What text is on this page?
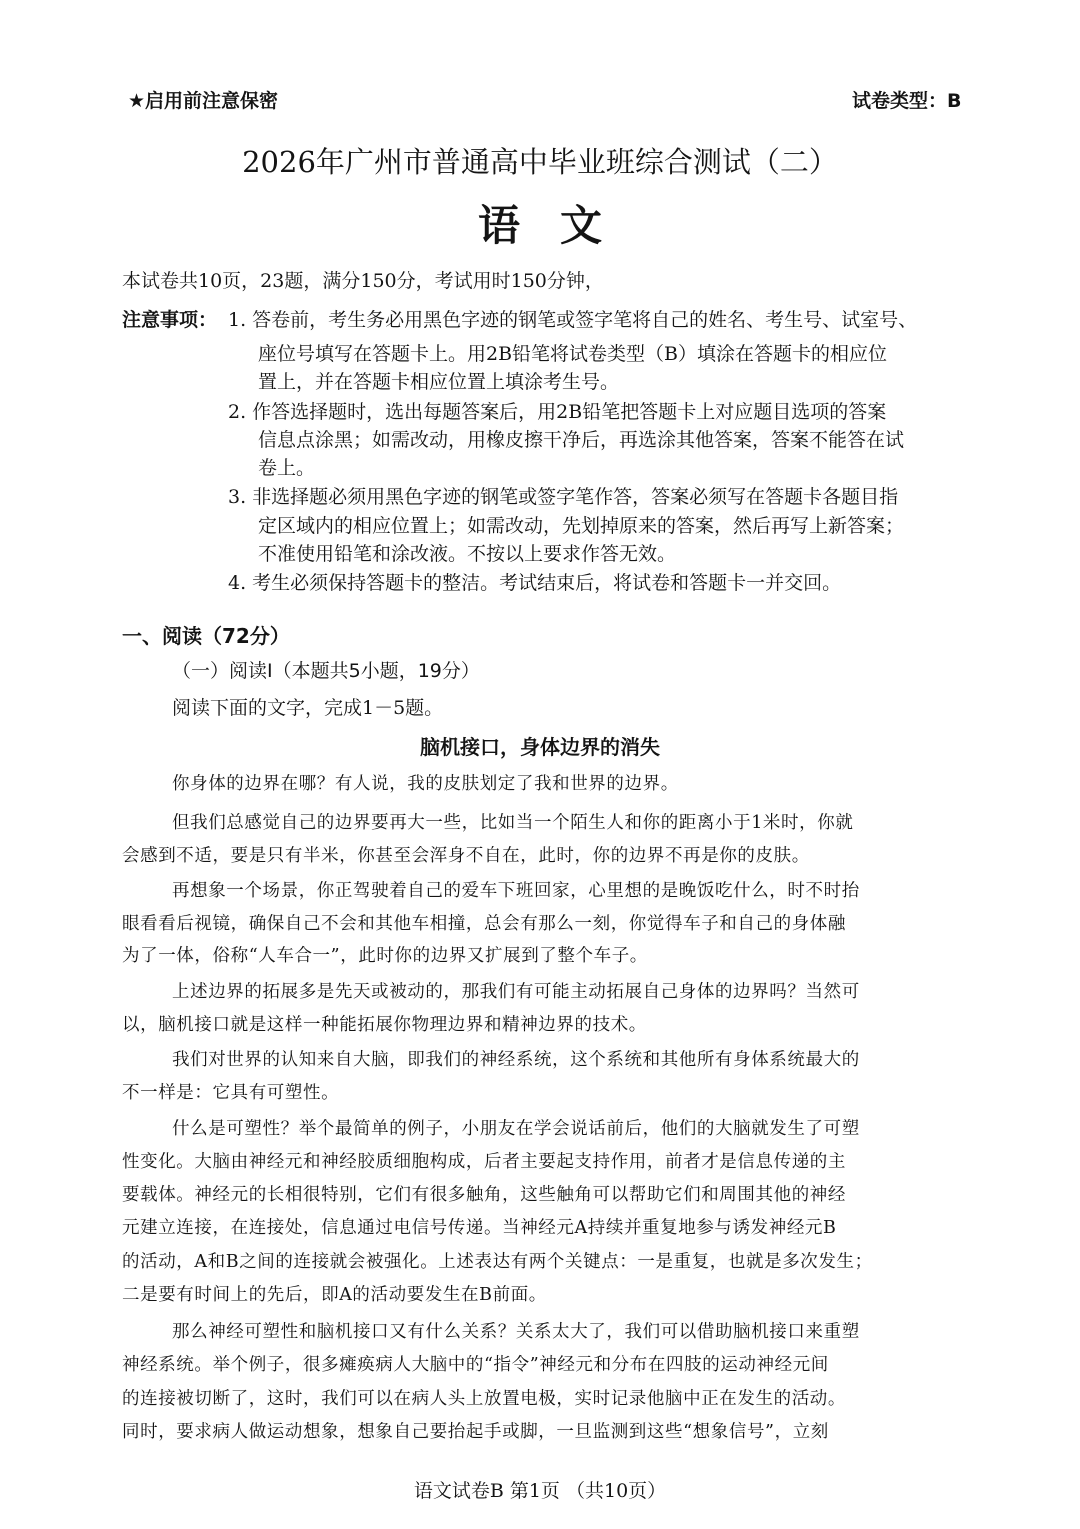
★启用前注意保密	试卷类型：B
2026年广州市普通高中毕业班综合测试（二）
语文
本试卷共10页，23题，满分150分，考试用时150分钟，
注意事项： 1. 答卷前，考生务必用黑色字迹的钢笔或签字笔将自己的姓名、考生号、试室号、
座位号填写在答题卡上。用2B铅笔将试卷类型（B）填涂在答题卡的相应位
置上，并在答题卡相应位置上填涂考生号。
2. 作答选择题时，选出每题答案后，用2B铅笔把答题卡上对应题目选项的答案
信息点涂黑；如需改动，用橡皮擦干净后，再选涂其他答案，答案不能答在试
卷上。
3. 非选择题必须用黑色字迹的钢笔或签字笔作答，答案必须写在答题卡各题目指
定区域内的相应位置上；如需改动，先划掉原来的答案，然后再写上新答案；
不准使用铅笔和涂改液。不按以上要求作答无效。
4. 考生必须保持答题卡的整洁。考试结束后，将试卷和答题卡一并交回。
一、阅读（72分）
（一）阅读Ⅰ（本题共5小题，19分）
阅读下面的文字，完成1－5题。
脑机接口，身体边界的消失
你身体的边界在哪？有人说，我的皮肤划定了我和世界的边界。
但我们总感觉自己的边界要再大一些，比如当一个陌生人和你的距离小于1米时，你就
会感到不适，要是只有半米，你甚至会浑身不自在，此时，你的边界不再是你的皮肤。
再想象一个场景，你正驾驶着自己的爱车下班回家，心里想的是晚饭吃什么，时不时抬
眼看看后视镜，确保自己不会和其他车相撞，总会有那么一刻，你觉得车子和自己的身体融
为了一体，俗称“人车合一”，此时你的边界又扩展到了整个车子。
上述边界的拓展多是先天或被动的，那我们有可能主动拓展自己身体的边界吗？当然可
以，脑机接口就是这样一种能拓展你物理边界和精神边界的技术。
我们对世界的认知来自大脑，即我们的神经系统，这个系统和其他所有身体系统最大的
不一样是：它具有可塑性。
什么是可塑性？举个最简单的例子，小朋友在学会说话前后，他们的大脑就发生了可塑
性变化。大脑由神经元和神经胶质细胞构成，后者主要起支持作用，前者才是信息传递的主
要载体。神经元的长相很特别，它们有很多触角，这些触角可以帮助它们和周围其他的神经
元建立连接，在连接处，信息通过电信号传递。当神经元A持续并重复地参与诱发神经元B
的活动，A和B之间的连接就会被强化。上述表达有两个关键点：一是重复，也就是多次发生；
二是要有时间上的先后，即A的活动要发生在B前面。
那么神经可塑性和脑机接口又有什么关系？关系太大了，我们可以借助脑机接口来重塑
神经系统。举个例子，很多瘫痪病人大脑中的“指令”神经元和分布在四肢的运动神经元间
的连接被切断了，这时，我们可以在病人头上放置电极，实时记录他脑中正在发生的活动。
同时，要求病人做运动想象，想象自己要抬起手或脚，一旦监测到这些“想象信号”，立刻
语文试卷B 第1页 （共10页）
